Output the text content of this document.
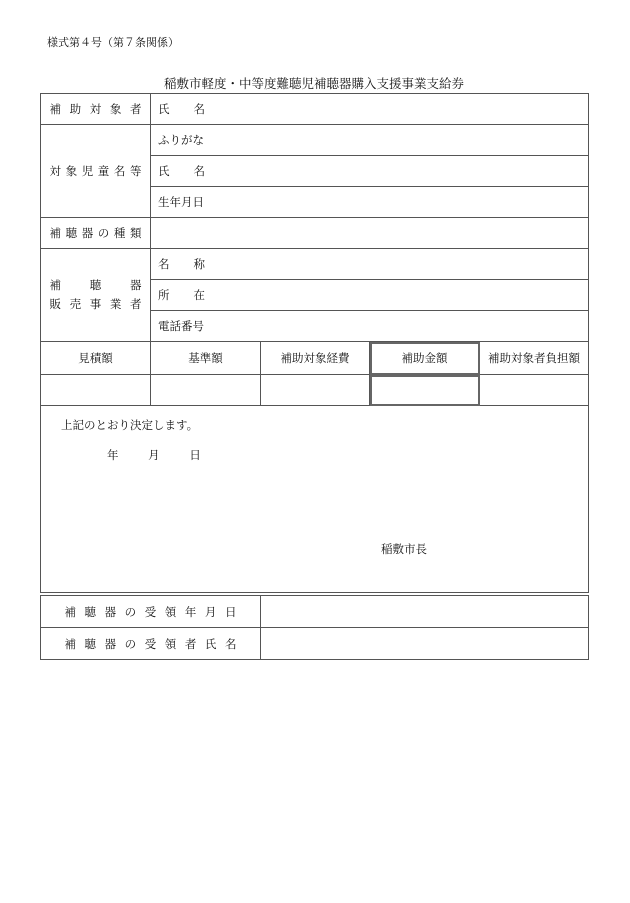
様式第４号（第７条関係）
稲敷市軽度・中等度難聴児補聴器購入支援事業支給券
補助対象者	氏　名			
対象児童名等	ふりがな			
	氏　名			
	生年月日			
補聴器の種類				

補聴器
販売事業者	名　称			
	所　在			
	電話番号			
見積額	基準額	補助対象経費	補助金額	補助対象者負担額

上記のとおり決定します。
年 月 日
稲敷市長				
補聴器の受領年月日	
補聴器の受領者氏名	
